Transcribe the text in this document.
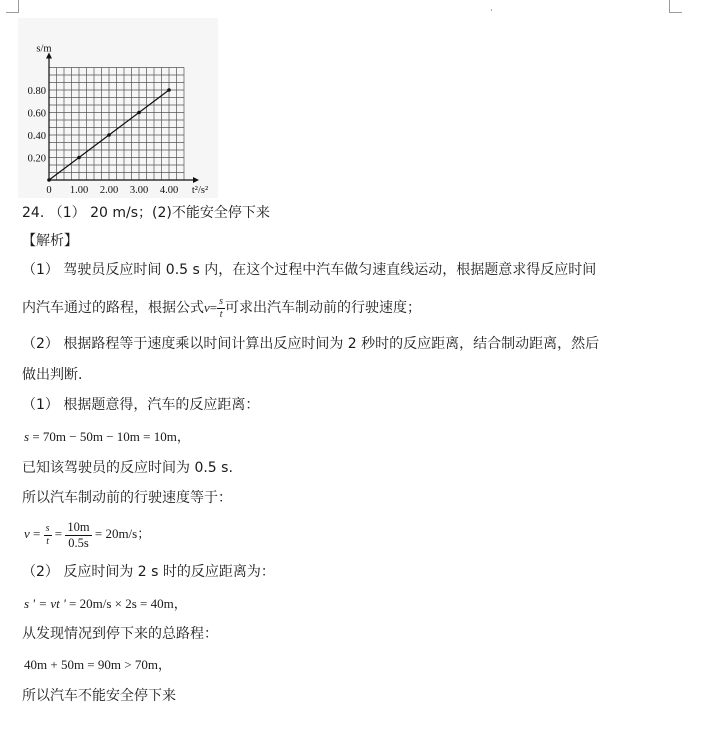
1.00 2.00 3.00 4.00
0.20
0.40
0.60
0.80
0
s/m
t²/s²
24. （1） 20 m/s；(2)不能安全停下来
【解析】
（1） 驾驶员反应时间 0.5 s 内，在这个过程中汽车做匀速直线运动，根据题意求得反应时间
内汽车通过的路程，根据公式$v= \frac{s}{t}$ 可求出汽车制动前的行驶速度；
（2） 根据路程等于速度乘以时间计算出反应时间为 2 秒时的反应距离，结合制动距离，然后
做出判断.
（1） 根据题意得，汽车的反应距离：
s = 70m − 50m − 10m = 10m，
已知该驾驶员的反应时间为 0.5 s.
所以汽车制动前的行驶速度等于：
$v = \frac{s}{t} = \frac{10m}{0.5s} = 20m/s$；
（2） 反应时间为 2 s 时的反应距离为：
s ' = vt ' = 20m/s × 2s = 40m，
从发现情况到停下来的总路程：
40m + 50m = 90m > 70m，
所以汽车不能安全停下来
